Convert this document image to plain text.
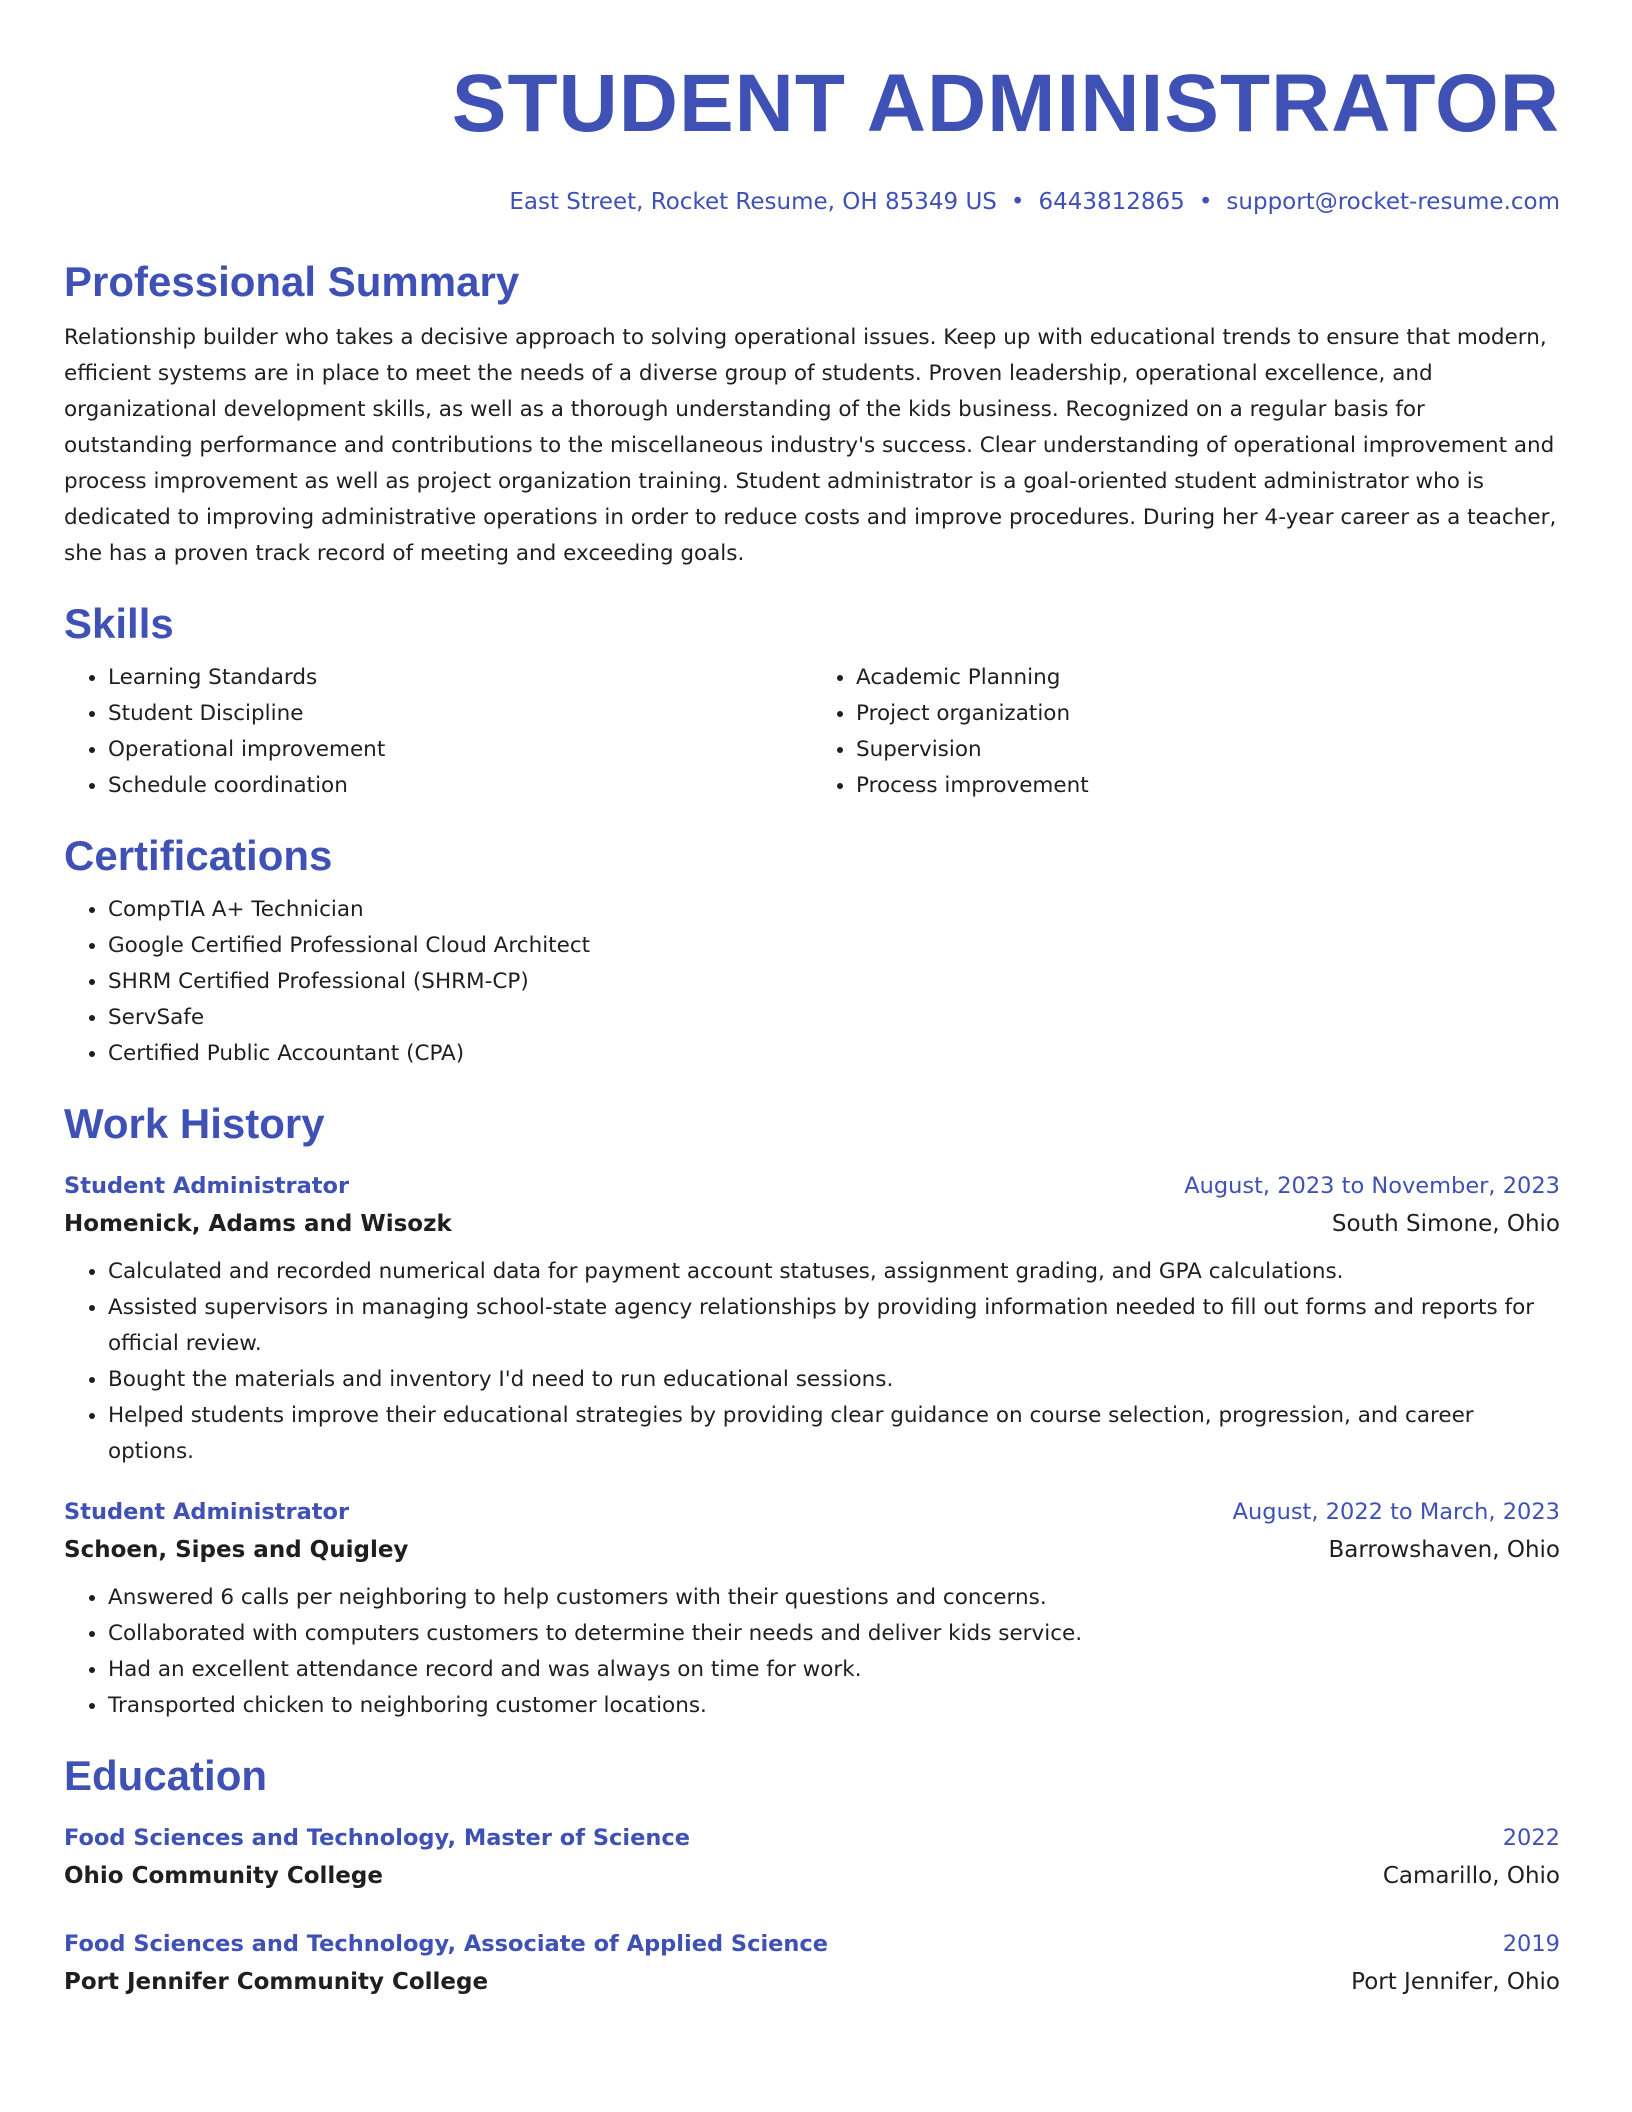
STUDENT ADMINISTRATOR
East Street, Rocket Resume, OH 85349 US • 6443812865 • support@rocket-resume.com
Professional Summary

Relationship builder who takes a decisive approach to solving operational issues. Keep up with educational trends to ensure that modern, efficient systems are in place to meet the needs of a diverse group of students. Proven leadership, operational excellence, and organizational development skills, as well as a thorough understanding of the kids business. Recognized on a regular basis for outstanding performance and contributions to the miscellaneous industry's success. Clear understanding of operational improvement and process improvement as well as project organization training. Student administrator is a goal-oriented student administrator who is dedicated to improving administrative operations in order to reduce costs and improve procedures. During her 4-year career as a teacher, she has a proven track record of meeting and exceeding goals.

Skills
• Learning Standards
• Student Discipline
• Operational improvement
• Schedule coordination
• Academic Planning
• Project organization
• Supervision
• Process improvement
Certifications
• CompTIA A+ Technician
• Google Certified Professional Cloud Architect
• SHRM Certified Professional (SHRM-CP)
• ServSafe
• Certified Public Accountant (CPA)
Work History
Student Administrator	August, 2023 to November, 2023
Homenick, Adams and Wisozk	South Simone, Ohio
• Calculated and recorded numerical data for payment account statuses, assignment grading, and GPA calculations.
• Assisted supervisors in managing school-state agency relationships by providing information needed to fill out forms and reports for official review.
• Bought the materials and inventory I'd need to run educational sessions.
• Helped students improve their educational strategies by providing clear guidance on course selection, progression, and career options.
Student Administrator	August, 2022 to March, 2023
Schoen, Sipes and Quigley	Barrowshaven, Ohio
• Answered 6 calls per neighboring to help customers with their questions and concerns.
• Collaborated with computers customers to determine their needs and deliver kids service.
• Had an excellent attendance record and was always on time for work.
• Transported chicken to neighboring customer locations.
Education
Food Sciences and Technology, Master of Science	2022
Ohio Community College	Camarillo, Ohio
Food Sciences and Technology, Associate of Applied Science	2019
Port Jennifer Community College	Port Jennifer, Ohio
